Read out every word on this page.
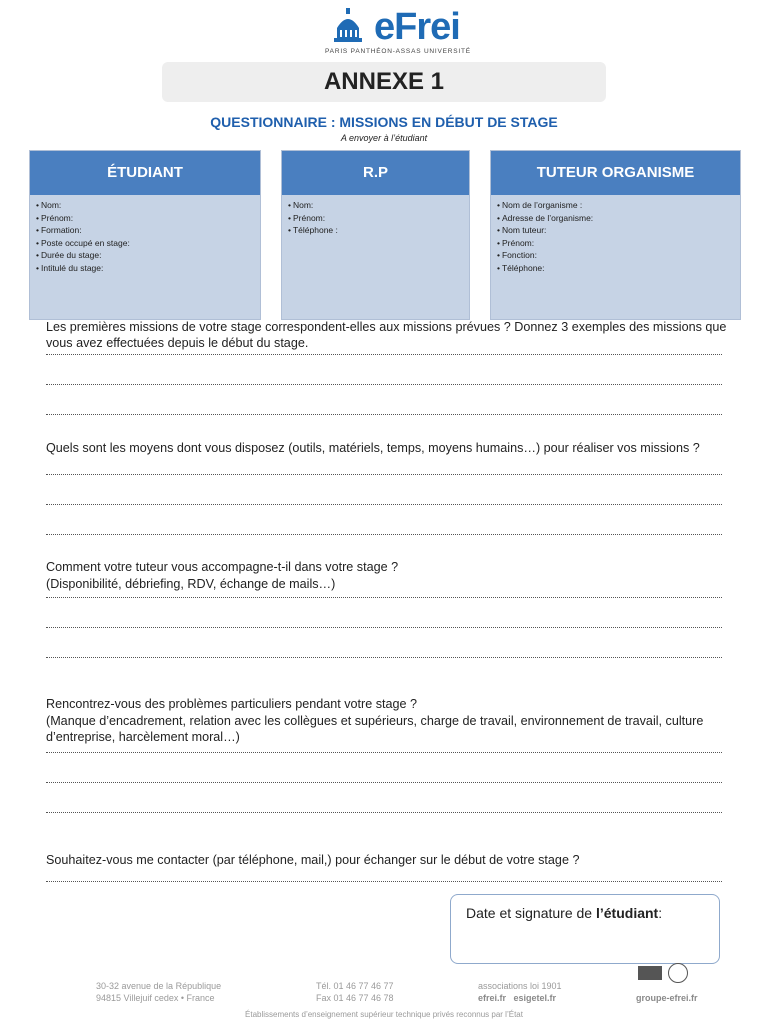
eFrei
PARIS PANTHÉON-ASSAS UNIVERSITÉ
ANNEXE 1
QUESTIONNAIRE : MISSIONS EN DÉBUT DE STAGE
A envoyer à l’étudiant
ÉTUDIANT
• Nom:
• Prénom:
• Formation:
• Poste occupé en stage:
• Durée du stage:
• Intitulé du stage:
R.P
• Nom:
• Prénom:
• Téléphone :
TUTEUR ORGANISME
• Nom de l’organisme :
• Adresse de l’organisme:
• Nom tuteur:
• Prénom:
• Fonction:
• Téléphone:
Les premières missions de votre stage correspondent-elles aux missions prévues ? Donnez 3 exemples des missions que vous avez effectuées depuis le début du stage.
Quels sont les moyens dont vous disposez (outils, matériels, temps, moyens humains…) pour réaliser vos missions ?
Comment votre tuteur vous accompagne-t-il dans votre stage ?
(Disponibilité, débriefing, RDV, échange de mails…)
Rencontrez-vous des problèmes particuliers pendant votre stage ?
(Manque d’encadrement, relation avec les collègues et supérieurs, charge de travail, environnement de travail, culture d’entreprise, harcèlement moral…)
Souhaitez-vous me contacter (par téléphone, mail,) pour échanger sur le début de votre stage ?
Date et signature de l’étudiant:
30-32 avenue de la République
94815 Villejuif cedex • France
Tél. 01 46 77 46 77
Fax 01 46 77 46 78
associations loi 1901
efrei.fr esigetel.fr	groupe-efrei.fr
Établissements d’enseignement supérieur technique privés reconnus par l’État
